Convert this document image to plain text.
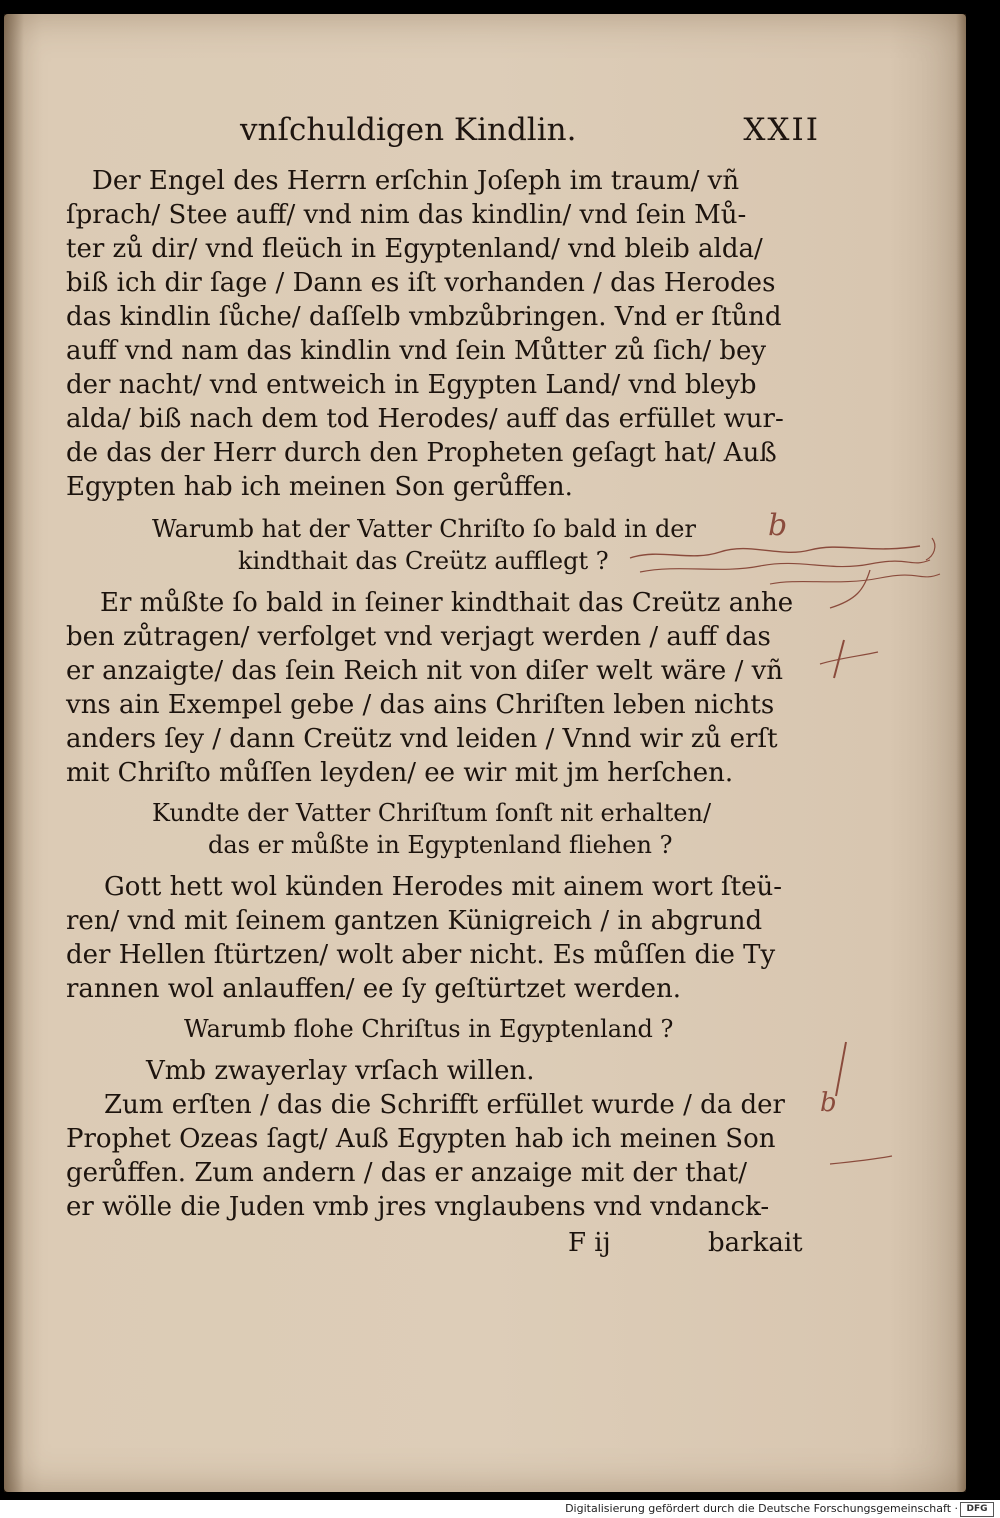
vnſchuldigen Kindlin.	XXII
Der Engel des Herrn erſchin Joſeph im traum/ vñ
ſprach/ Stee auff/ vnd nim das kindlin/ vnd ſein Mů-
ter zů dir/ vnd fleüch in Egyptenland/ vnd bleib alda/
biß ich dir ſage / Dann es iſt vorhanden / das Herodes
das kindlin ſůche/ daſſelb vmbzůbringen. Vnd er ſtůnd
auff vnd nam das kindlin vnd ſein Můtter zů ſich/ bey
der nacht/ vnd entweich in Egypten Land/ vnd bleyb
alda/ biß nach dem tod Herodes/ auff das erfüllet wur-
de das der Herr durch den Propheten geſagt hat/ Auß
Egypten hab ich meinen Son gerůffen.
Warumb hat der Vatter Chriſto ſo bald in der
kindthait das Creütz aufflegt ?
Er můßte ſo bald in ſeiner kindthait das Creütz anhe
ben zůtragen/ verfolget vnd verjagt werden / auff das
er anzaigte/ das ſein Reich nit von diſer welt wäre / vñ
vns ain Exempel gebe / das ains Chriſten leben nichts
anders ſey / dann Creütz vnd leiden / Vnnd wir zů erſt
mit Chriſto můſſen leyden/ ee wir mit jm herſchen.
Kundte der Vatter Chriſtum ſonſt nit erhalten/
das er můßte in Egyptenland fliehen ?
Gott hett wol künden Herodes mit ainem wort ſteü-
ren/ vnd mit ſeinem gantzen Künigreich / in abgrund
der Hellen ſtürtzen/ wolt aber nicht. Es můſſen die Ty
rannen wol anlauffen/ ee ſy geſtürtzet werden.
Warumb flohe Chriſtus in Egyptenland ?
Vmb zwayerlay vrſach willen.
Zum erſten / das die Schrifft erfüllet wurde / da der
Prophet Ozeas ſagt/ Auß Egypten hab ich meinen Son
gerůffen. Zum andern / das er anzaige mit der that/
er wölle die Juden vmb jres vnglaubens vnd vndanck-
F ij	barkait
b
b
Digitalisierung gefördert durch die Deutsche Forschungsgemeinschaft · DFG
